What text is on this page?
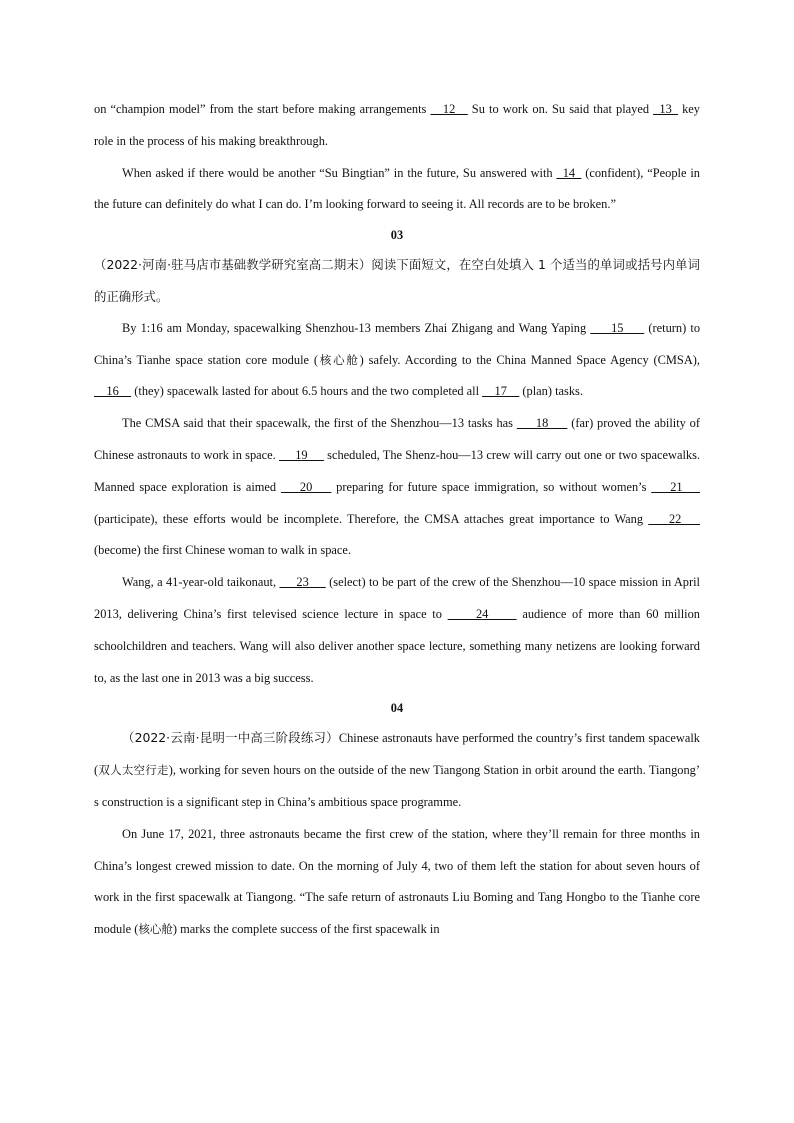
on “champion model” from the start before making arrangements __12__ Su to work on. Su said that played _13_ key role in the process of his making breakthrough.

When asked if there would be another “Su Bingtian” in the future, Su answered with _14_ (confident), “People in the future can definitely do what I can do. I’m looking forward to seeing it. All records are to be broken.”

03

（2022·河南·驻马店市基础教学研究室高二期末）阅读下面短文，在空白处填入 1 个适当的单词或括号内单词的正确形式。

By 1:16 am Monday, spacewalking Shenzhou-13 members Zhai Zhigang and Wang Yaping      15      (return) to China’s Tianhe space station core module (核心舱) safely. According to the China Manned Space Agency (CMSA),     16     (they) spacewalk lasted for about 6.5 hours and the two completed all     17     (plan) tasks.

The CMSA said that their spacewalk, the first of the Shenzhou—13 tasks has      18      (far) proved the ability of Chinese astronauts to work in space.      19      scheduled, The Shenz-hou—13 crew will carry out one or two spacewalks. Manned space exploration is aimed     20     preparing for future space immigration, so without women’s     21     (participate), these efforts would be incomplete. Therefore, the CMSA attaches great importance to Wang     22     (become) the first Chinese woman to walk in space.

Wang, a 41-year-old taikonaut,      23      (select) to be part of the crew of the Shenzhou—10 space mission in April 2013, delivering China’s first televised science lecture in space to      24      audience of more than 60 million schoolchildren and teachers. Wang will also deliver another space lecture, something many netizens are looking forward to, as the last one in 2013 was a big success.

04

（2022·云南·昆明一中高三阶段练习）Chinese astronauts have performed the country’s first tandem spacewalk (双人太空行走), working for seven hours on the outside of the new Tiangong Station in orbit around the earth. Tiangong’ s construction is a significant step in China’s ambitious space programme.

On June 17, 2021, three astronauts became the first crew of the station, where they’ll remain for three months in China’s longest crewed mission to date. On the morning of July 4, two of them left the station for about seven hours of work in the first spacewalk at Tiangong. “The safe return of astronauts Liu Boming and Tang Hongbo to the Tianhe core module (核心舱) marks the complete success of the first spacewalk in
